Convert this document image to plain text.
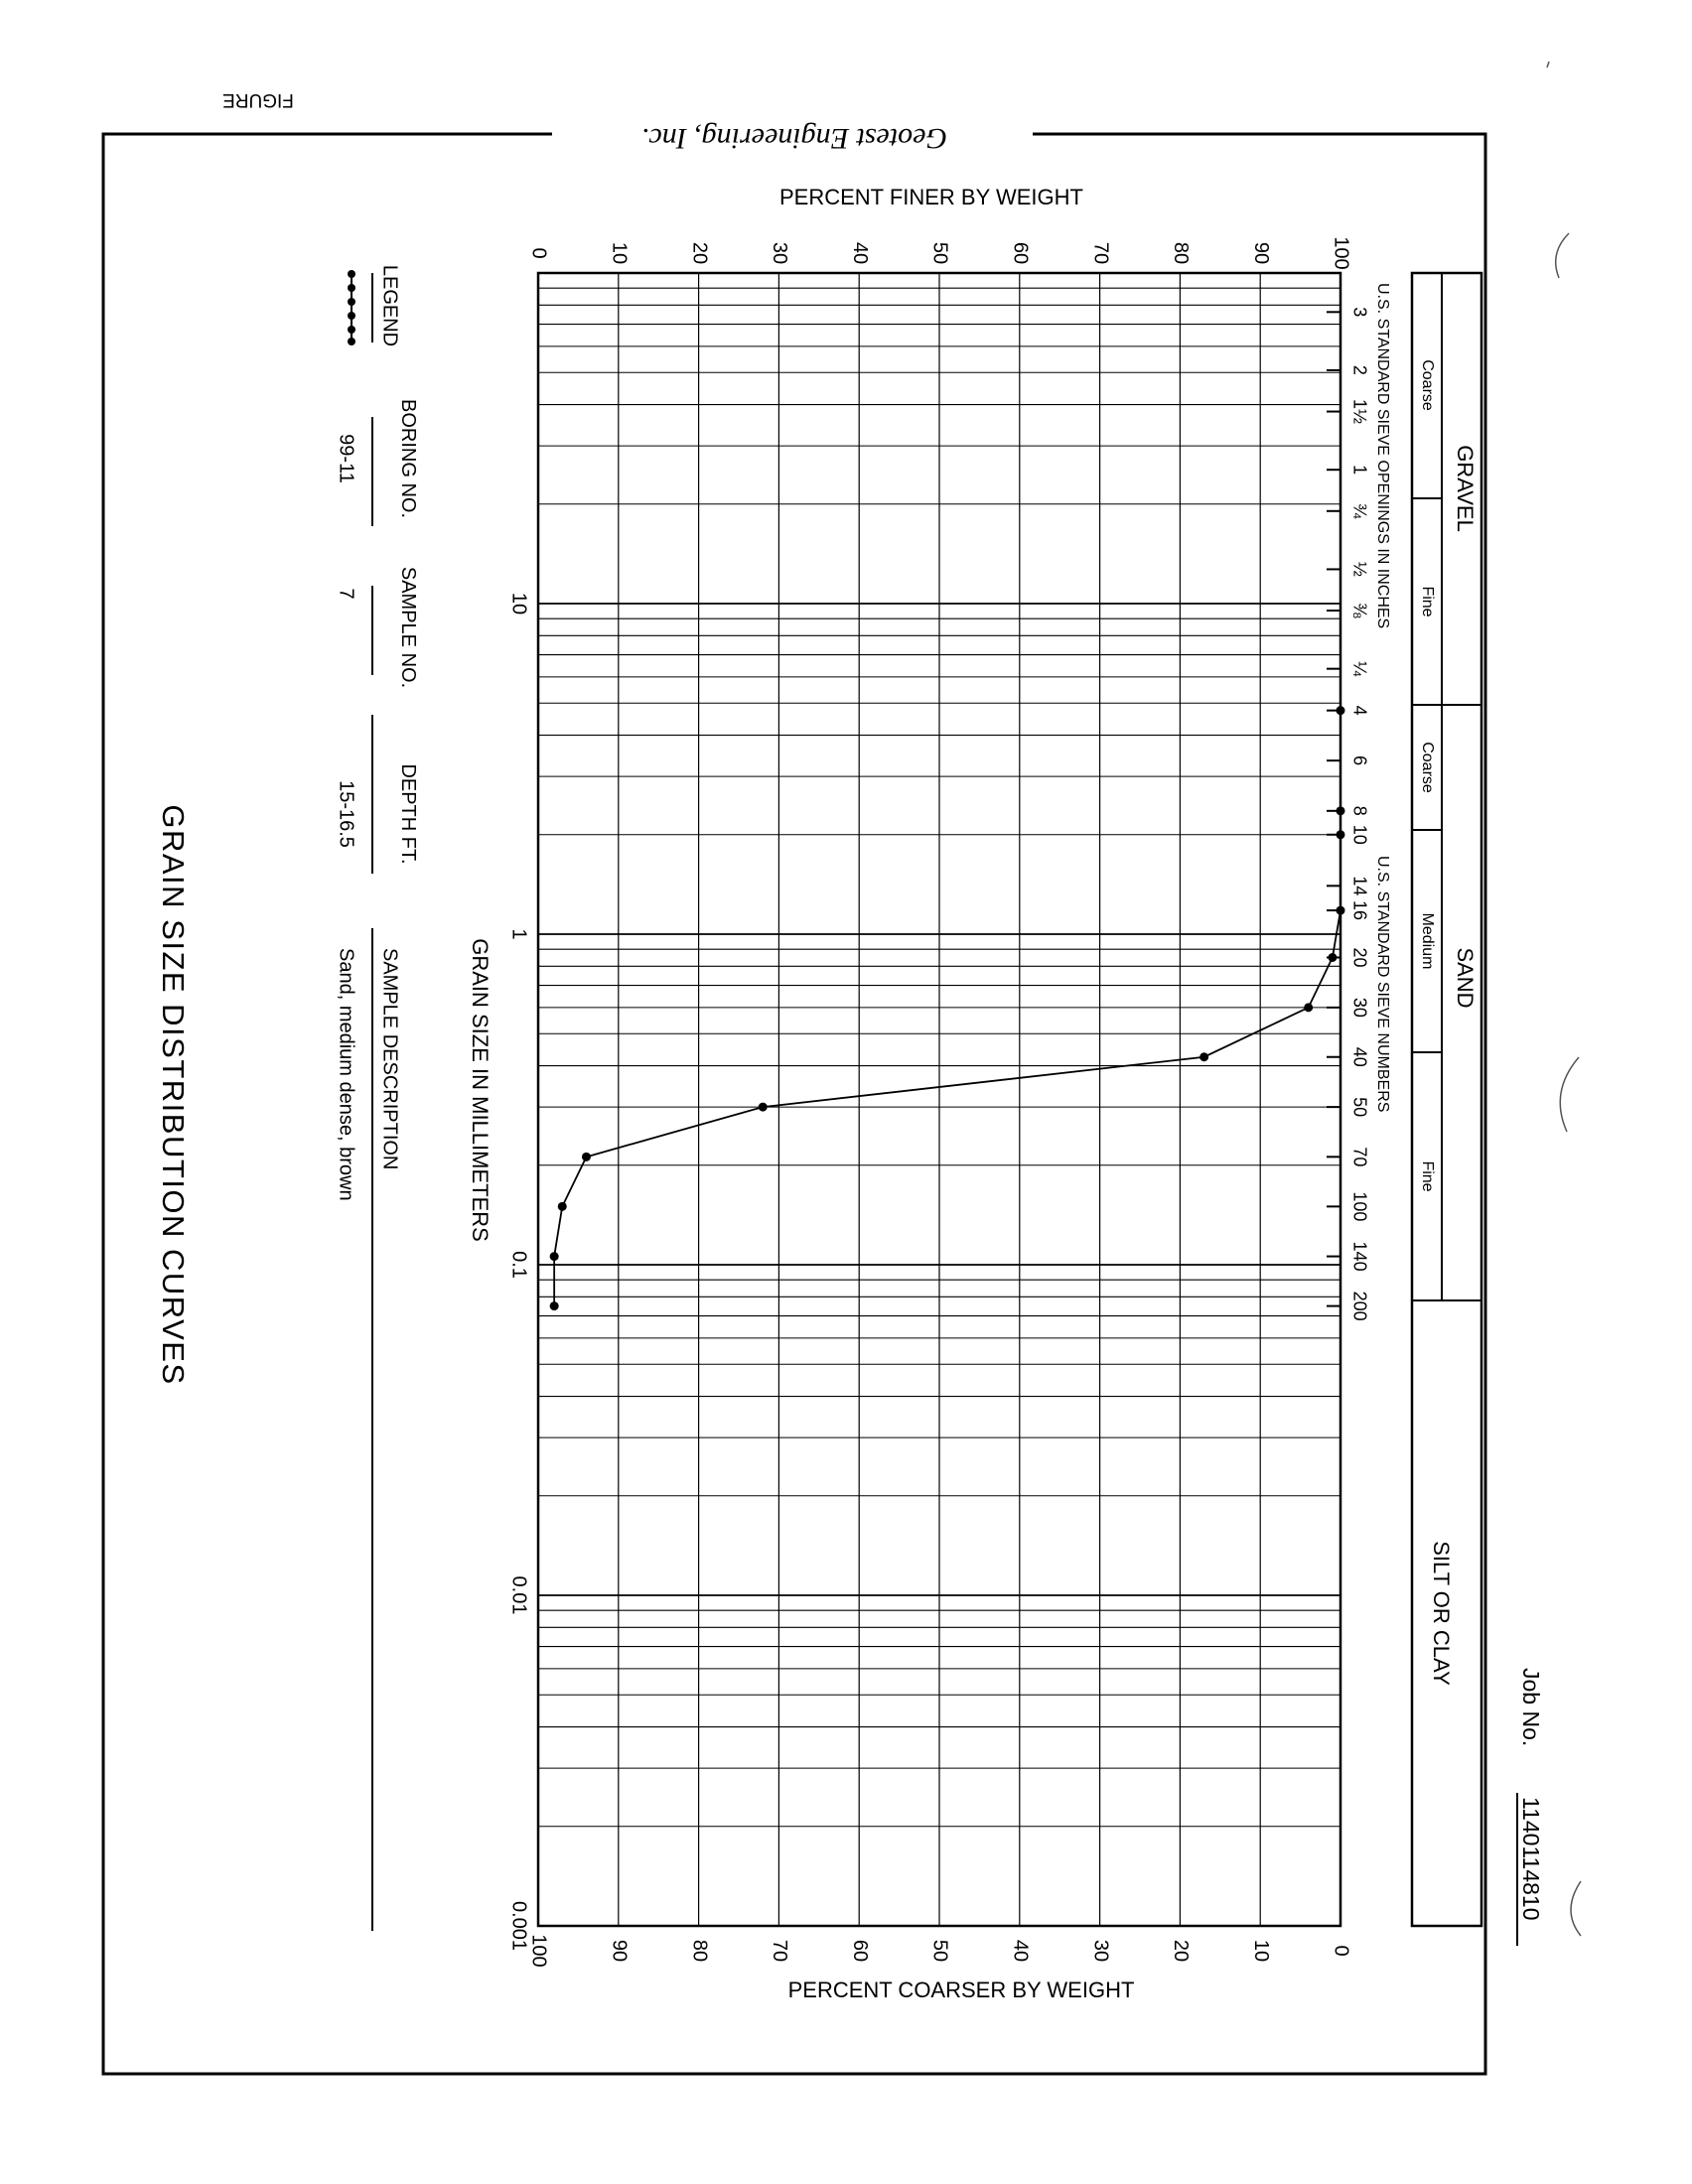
Geotest Engineering, Inc.
FIGURE
Job No.
1140114810
GRAVEL
SAND
SILT OR CLAY
Coarse
Fine
Coarse
Medium
Fine
U.S. STANDARD SIEVE OPENINGS IN INCHES
U.S. STANDARD SIEVE NUMBERS
0	10	20	30	40	50	60	70	80	90	100
100	90	80	70	60	50	40	30	20	10	0
10
1
0.1
0.01
0.001
3
2
1½
1
¾
½
⅜
¼
4
6
8
10
14
16
20
30
40
50
70
100
140
200
PERCENT FINER BY WEIGHT
PERCENT COARSER BY WEIGHT
GRAIN SIZE IN MILLIMETERS
LEGEND
BORING NO.
99-11
SAMPLE NO.
7
DEPTH FT.
15-16.5
SAMPLE DESCRIPTION
Sand, medium dense, brown
GRAIN SIZE DISTRIBUTION CURVES
